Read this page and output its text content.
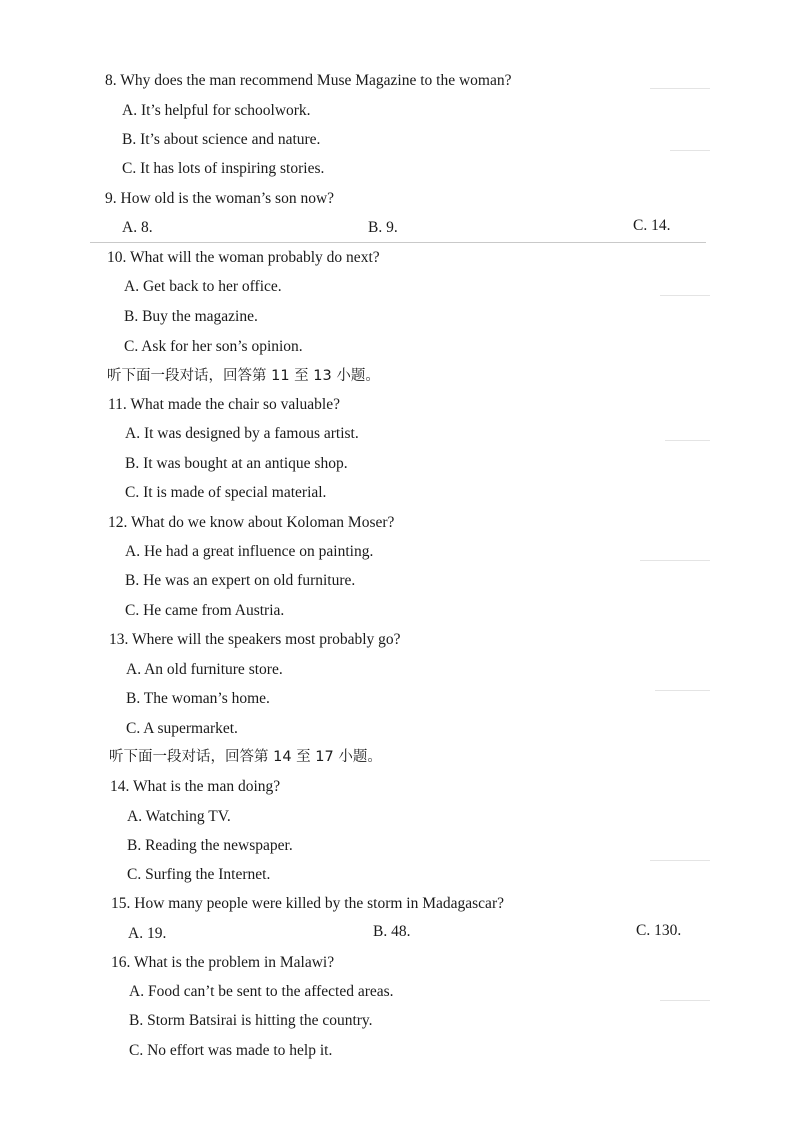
8. Why does the man recommend Muse Magazine to the woman?
A. It’s helpful for schoolwork.
B. It’s about science and nature.
C. It has lots of inspiring stories.
9. How old is the woman’s son now?
A. 8.	B. 9.	C. 14.
10. What will the woman probably do next?
A. Get back to her office.
B. Buy the magazine.
C. Ask for her son’s opinion.
听下面一段对话，回答第 11 至 13 小题。
11. What made the chair so valuable?
A. It was designed by a famous artist.
B. It was bought at an antique shop.
C. It is made of special material.
12. What do we know about Koloman Moser?
A. He had a great influence on painting.
B. He was an expert on old furniture.
C. He came from Austria.
13. Where will the speakers most probably go?
A. An old furniture store.
B. The woman’s home.
C. A supermarket.
听下面一段对话，回答第 14 至 17 小题。
14. What is the man doing?
A. Watching TV.
B. Reading the newspaper.
C. Surfing the Internet.
15. How many people were killed by the storm in Madagascar?
A. 19.	B. 48.	C. 130.
16. What is the problem in Malawi?
A. Food can’t be sent to the affected areas.
B. Storm Batsirai is hitting the country.
C. No effort was made to help it.
